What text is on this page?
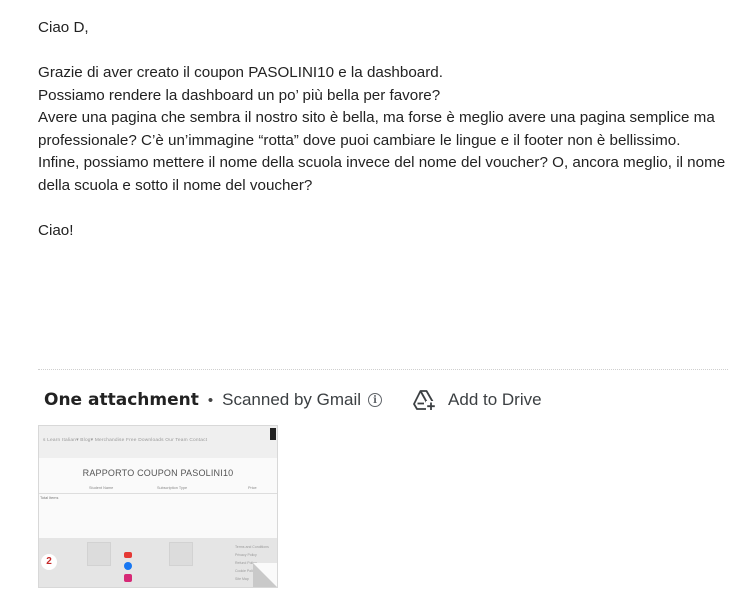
Ciao D,

Grazie di aver creato il coupon PASOLINI10 e la dashboard.

Possiamo rendere la dashboard un po’ più bella per favore?

Avere una pagina che sembra il nostro sito è bella, ma forse è meglio avere una pagina semplice ma professionale? C’è un’immagine “rotta” dove puoi cambiare le lingue e il footer non è bellissimo.

Infine, possiamo mettere il nome della scuola invece del nome del voucher? O, ancora meglio, il nome della scuola e sotto il nome del voucher?

Ciao!

One attachment • Scanned by Gmail	i	Add to Drive
s Learn Italian▾ Blog▾ Merchandise Free Downloads Our Team Contact
RAPPORTO COUPON PASOLINI10
Student Name	Subscription Type	Price
Total Items
2
Terms and Conditions
Privacy Policy
Refund Policy
Cookie Policy
Site Map
